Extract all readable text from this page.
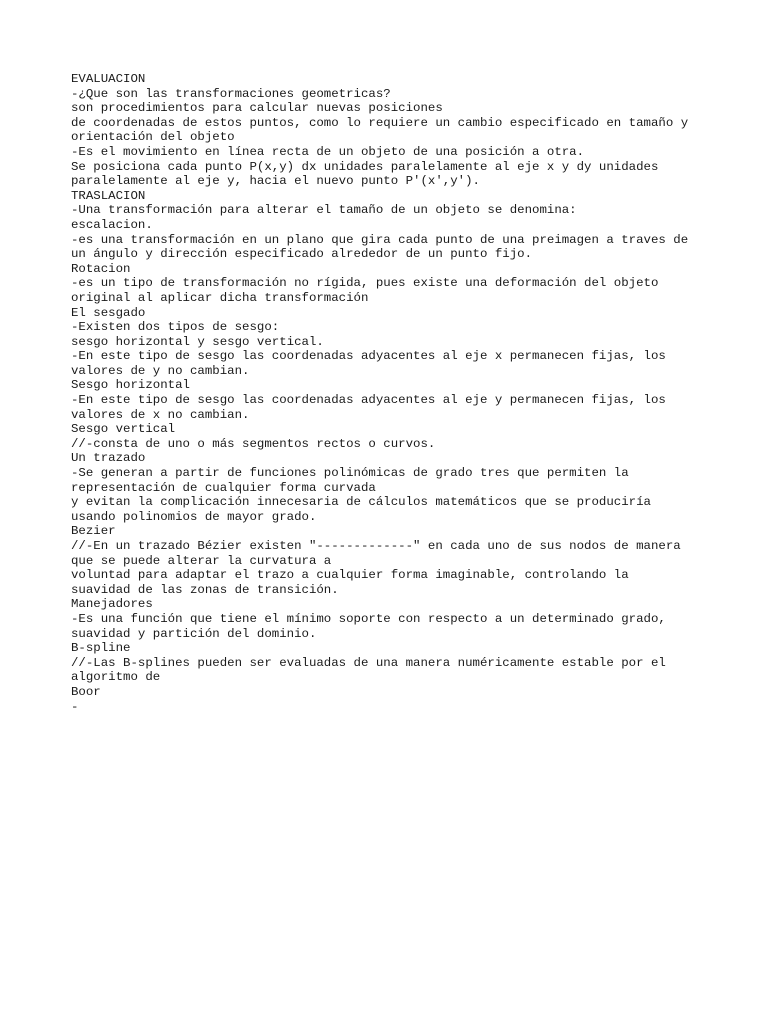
EVALUACION
-¿Que son las transformaciones geometricas?
son procedimientos para calcular nuevas posiciones
de coordenadas de estos puntos, como lo requiere un cambio especificado en tamaño y
orientación del objeto
-Es el movimiento en línea recta de un objeto de una posición a otra.
Se posiciona cada punto P(x,y) dx unidades paralelamente al eje x y dy unidades
paralelamente al eje y, hacia el nuevo punto P'(x',y').
TRASLACION
-Una transformación para alterar el tamaño de un objeto se denomina:
escalacion.
-es una transformación en un plano que gira cada punto de una preimagen a traves de
un ángulo y dirección especificado alrededor de un punto fijo.
Rotacion
-es un tipo de transformación no rígida, pues existe una deformación del objeto
original al aplicar dicha transformación
El sesgado
-Existen dos tipos de sesgo:
sesgo horizontal y sesgo vertical.
-En este tipo de sesgo las coordenadas adyacentes al eje x permanecen fijas, los
valores de y no cambian.
Sesgo horizontal
-En este tipo de sesgo las coordenadas adyacentes al eje y permanecen fijas, los
valores de x no cambian.
Sesgo vertical
//-consta de uno o más segmentos rectos o curvos.
Un trazado
-Se generan a partir de funciones polinómicas de grado tres que permiten la
representación de cualquier forma curvada
y evitan la complicación innecesaria de cálculos matemáticos que se produciría
usando polinomios de mayor grado.
Bezier
//-En un trazado Bézier existen "-------------" en cada uno de sus nodos de manera
que se puede alterar la curvatura a
voluntad para adaptar el trazo a cualquier forma imaginable, controlando la
suavidad de las zonas de transición.
Manejadores
-Es una función que tiene el mínimo soporte con respecto a un determinado grado,
suavidad y partición del dominio.
B-spline
//-Las B-splines pueden ser evaluadas de una manera numéricamente estable por el
algoritmo de
Boor
-
